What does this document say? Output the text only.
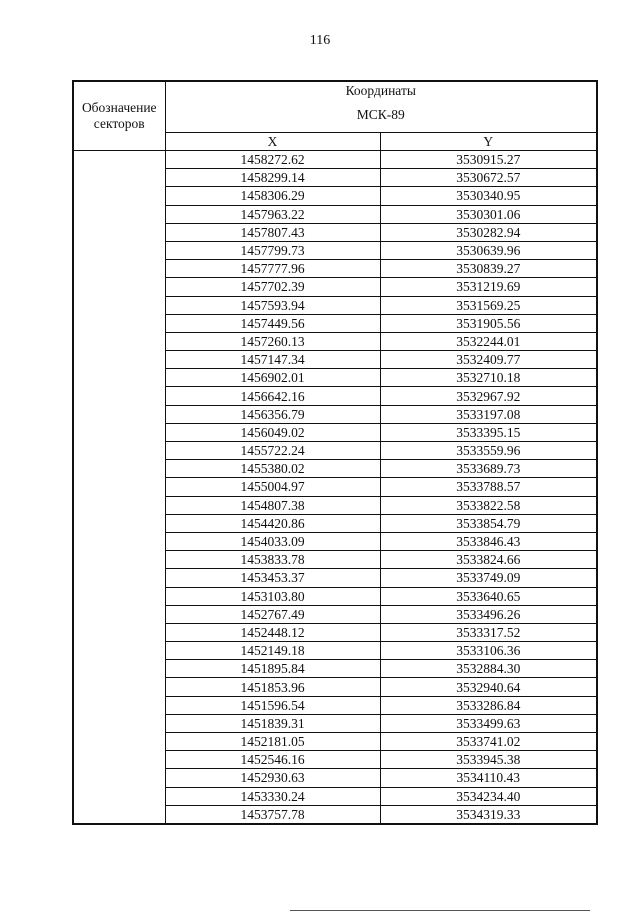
116
Обозначение секторов	Координаты
МСК-89	

	X	Y
	1458272.62	3530915.27
	1458299.14	3530672.57
	1458306.29	3530340.95
	1457963.22	3530301.06
	1457807.43	3530282.94
	1457799.73	3530639.96
	1457777.96	3530839.27
	1457702.39	3531219.69
	1457593.94	3531569.25
	1457449.56	3531905.56
	1457260.13	3532244.01
	1457147.34	3532409.77
	1456902.01	3532710.18
	1456642.16	3532967.92
	1456356.79	3533197.08
	1456049.02	3533395.15
	1455722.24	3533559.96
	1455380.02	3533689.73
	1455004.97	3533788.57
	1454807.38	3533822.58
	1454420.86	3533854.79
	1454033.09	3533846.43
	1453833.78	3533824.66
	1453453.37	3533749.09
	1453103.80	3533640.65
	1452767.49	3533496.26
	1452448.12	3533317.52
	1452149.18	3533106.36
	1451895.84	3532884.30
	1451853.96	3532940.64
	1451596.54	3533286.84
	1451839.31	3533499.63
	1452181.05	3533741.02
	1452546.16	3533945.38
	1452930.63	3534110.43
	1453330.24	3534234.40
	1453757.78	3534319.33
